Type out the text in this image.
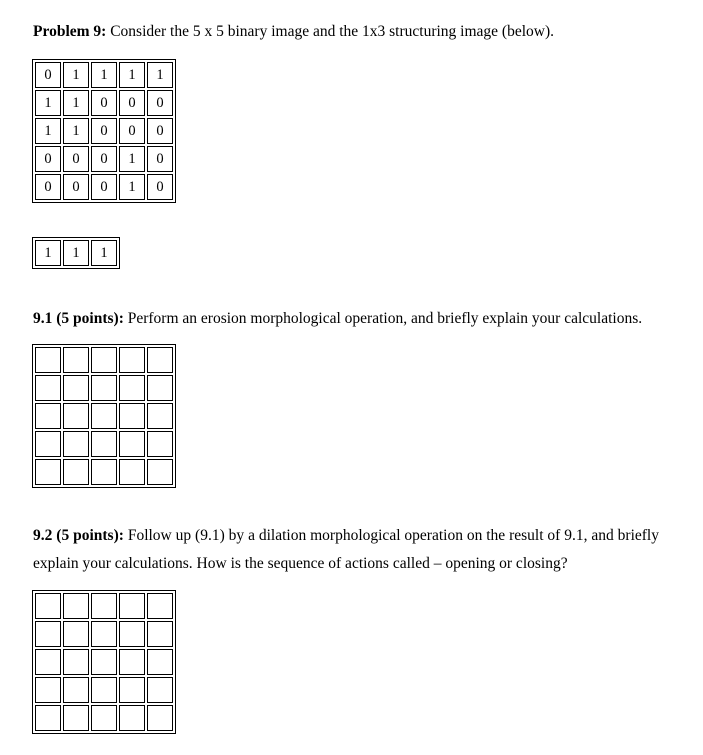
Problem 9: Consider the 5 x 5 binary image and the 1x3 structuring image (below).

0	1	1	1	1
1	1	0	0	0
1	1	0	0	0
0	0	0	1	0
0	0	0	1	0
1	1	1

9.1 (5 points): Perform an erosion morphological operation, and briefly explain your calculations.

9.2 (5 points): Follow up (9.1) by a dilation morphological operation on the result of 9.1, and briefly explain your calculations. How is the sequence of actions called – opening or closing?
